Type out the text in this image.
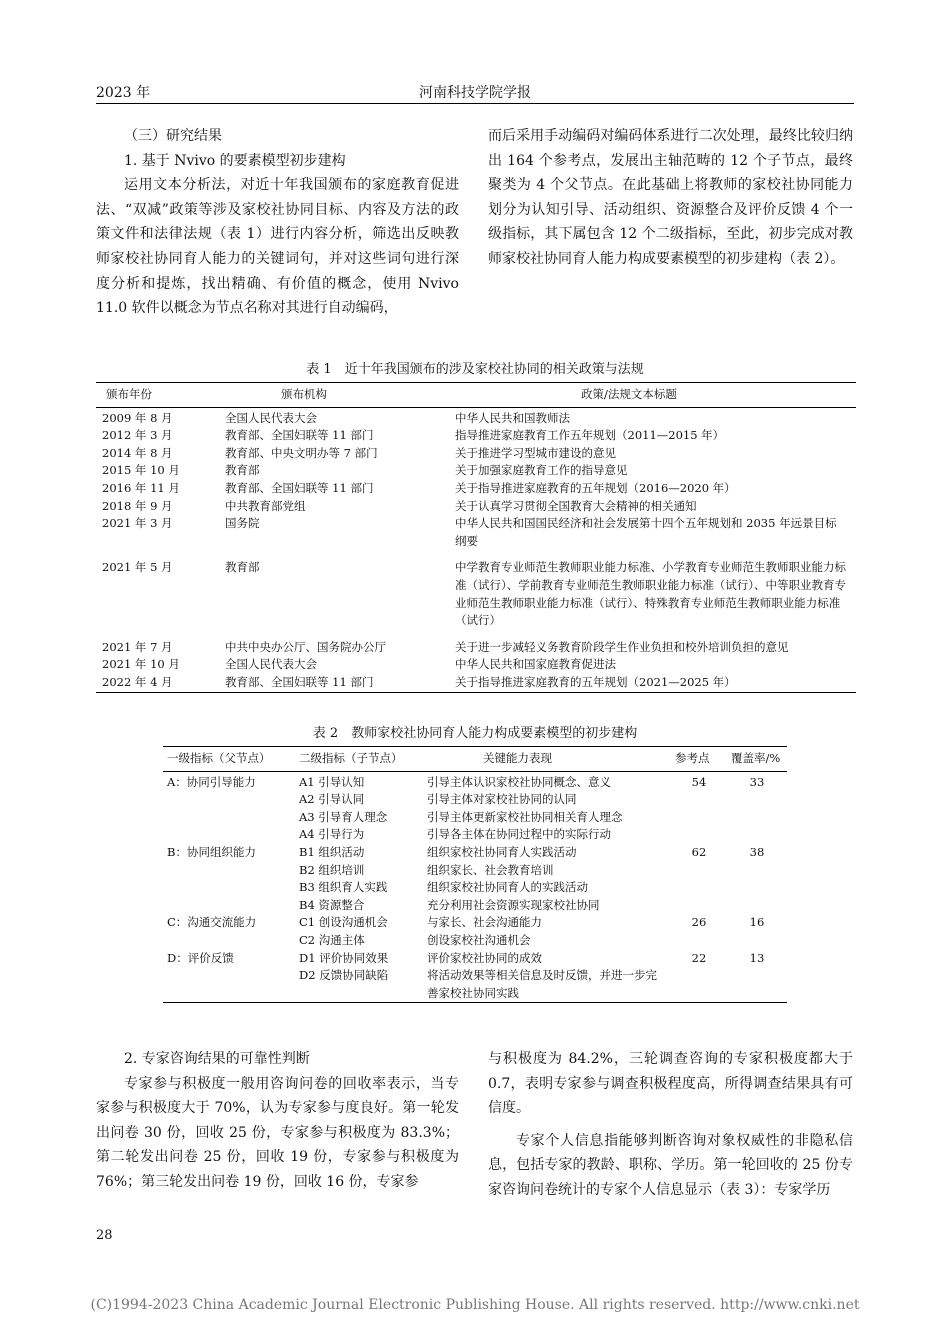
河南科技学院学报
2023 年

（三）研究结果

1. 基于 Nvivo 的要素模型初步建构

运用文本分析法，对近十年我国颁布的家庭教育促进法、“双减”政策等涉及家校社协同目标、内容及方法的政策文件和法律法规（表 1）进行内容分析，筛选出反映教师家校社协同育人能力的关键词句，并对这些词句进行深度分析和提炼，找出精确、有价值的概念，使用 Nvivo 11.0 软件以概念为节点名称对其进行自动编码，

而后采用手动编码对编码体系进行二次处理，最终比较归纳出 164 个参考点，发展出主轴范畴的 12 个子节点，最终聚类为 4 个父节点。在此基础上将教师的家校社协同能力划分为认知引导、活动组织、资源整合及评价反馈 4 个一级指标，其下属包含 12 个二级指标，至此，初步完成对教师家校社协同育人能力构成要素模型的初步建构（表 2）。

表 1　近十年我国颁布的涉及家校社协同的相关政策与法规
颁布年份	颁布机构	政策/法规文本标题
2009 年 8 月	全国人民代表大会	中华人民共和国教师法
2012 年 3 月	教育部、全国妇联等 11 部门	指导推进家庭教育工作五年规划（2011—2015 年）
2014 年 8 月	教育部、中央文明办等 7 部门	关于推进学习型城市建设的意见
2015 年 10 月	教育部	关于加强家庭教育工作的指导意见
2016 年 11 月	教育部、全国妇联等 11 部门	关于指导推进家庭教育的五年规划（2016—2020 年）
2018 年 9 月	中共教育部党组	关于认真学习贯彻全国教育大会精神的相关通知
2021 年 3 月	国务院	中华人民共和国国民经济和社会发展第十四个五年规划和 2035 年远景目标纲要
2021 年 5 月	教育部	中学教育专业师范生教师职业能力标准、小学教育专业师范生教师职业能力标准（试行）、学前教育专业师范生教师职业能力标准（试行）、中等职业教育专业师范生教师职业能力标准（试行）、特殊教育专业师范生教师职业能力标准（试行）
2021 年 7 月	中共中央办公厅、国务院办公厅	关于进一步减轻义务教育阶段学生作业负担和校外培训负担的意见
2021 年 10 月	全国人民代表大会	中华人民共和国家庭教育促进法
2022 年 4 月	教育部、全国妇联等 11 部门	关于指导推进家庭教育的五年规划（2021—2025 年）
表 2　教师家校社协同育人能力构成要素模型的初步建构
一级指标（父节点）	二级指标（子节点）	关键能力表现	参考点	覆盖率/%
A：协同引导能力	A1 引导认知	引导主体认识家校社协同概念、意义	54	33
	A2 引导认同	引导主体对家校社协同的认同		
	A3 引导育人理念	引导主体更新家校社协同相关育人理念		
	A4 引导行为	引导各主体在协同过程中的实际行动		
B：协同组织能力	B1 组织活动	组织家校社协同育人实践活动	62	38
	B2 组织培训	组织家长、社会教育培训		
	B3 组织育人实践	组织家校社协同育人的实践活动		
	B4 资源整合	充分利用社会资源实现家校社协同		
C：沟通交流能力	C1 创设沟通机会	与家长、社会沟通能力	26	16
	C2 沟通主体	创设家校社沟通机会		
D：评价反馈	D1 评价协同效果	评价家校社协同的成效	22	13
	D2 反馈协同缺陷	将活动效果等相关信息及时反馈，并进一步完善家校社协同实践		

2. 专家咨询结果的可靠性判断

专家参与积极度一般用咨询问卷的回收率表示，当专家参与积极度大于 70%，认为专家参与度良好。第一轮发出问卷 30 份，回收 25 份，专家参与积极度为 83.3%；第二轮发出问卷 25 份，回收 19 份，专家参与积极度为 76%；第三轮发出问卷 19 份，回收 16 份，专家参

与积极度为 84.2%，三轮调查咨询的专家积极度都大于 0.7，表明专家参与调查积极程度高，所得调查结果具有可信度。

专家个人信息指能够判断咨询对象权威性的非隐私信息，包括专家的教龄、职称、学历。第一轮回收的 25 份专家咨询问卷统计的专家个人信息显示（表 3）：专家学历

28
(C)1994-2023 China Academic Journal Electronic Publishing House. All rights reserved. http://www.cnki.net
